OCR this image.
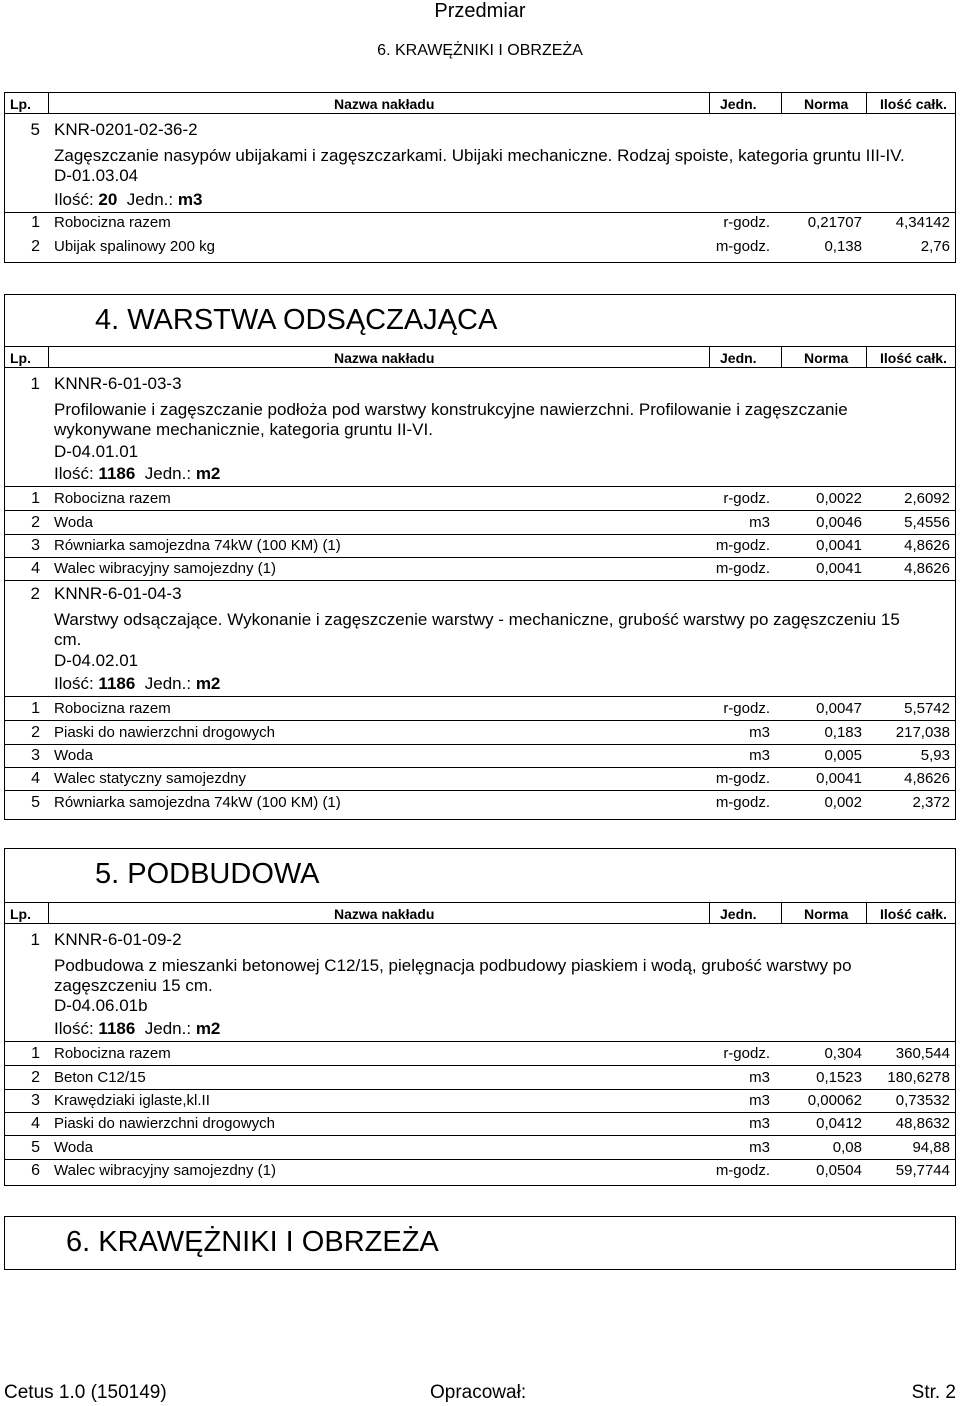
Przedmiar
6. KRAWĘŻNIKI I OBRZEŻA
Lp.	Nazwa nakładu	Jedn.	Norma Ilość całk.
5 KNR-0201-02-36-2
Zagęszczanie nasypów ubijakami i zagęszczarkami. Ubijaki mechaniczne. Rodzaj spoiste, kategoria gruntu III-IV.
D-01.03.04
Ilość: 20 Jedn.: m3
1 Robocizna razem	r-godz.	0,21707	4,34142
2 Ubijak spalinowy 200 kg	m-godz.	0,138	2,76
4. WARSTWA ODSĄCZAJĄCA
Lp.	Nazwa nakładu	Jedn.	Norma Ilość całk.
1 KNNR-6-01-03-3
Profilowanie i zagęszczanie podłoża pod warstwy konstrukcyjne nawierzchni. Profilowanie i zagęszczanie
wykonywane mechanicznie, kategoria gruntu II-VI.
D-04.01.01
Ilość: 1186 Jedn.: m2
1 Robocizna razem	r-godz.	0,0022	2,6092
2 Woda	m3	0,0046	5,4556
3 Równiarka samojezdna 74kW (100 KM) (1)	m-godz.	0,0041	4,8626
4 Walec wibracyjny samojezdny (1)	m-godz.	0,0041	4,8626
2 KNNR-6-01-04-3
Warstwy odsączające. Wykonanie i zagęszczenie warstwy - mechaniczne, grubość warstwy po zagęszczeniu 15
cm.
D-04.02.01
Ilość: 1186 Jedn.: m2
1 Robocizna razem	r-godz.	0,0047	5,5742
2 Piaski do nawierzchni drogowych	m3	0,183	217,038
3 Woda	m3	0,005	5,93
4 Walec statyczny samojezdny	m-godz.	0,0041	4,8626
5 Równiarka samojezdna 74kW (100 KM) (1)	m-godz.	0,002	2,372
5. PODBUDOWA
Lp.	Nazwa nakładu	Jedn.	Norma Ilość całk.
1 KNNR-6-01-09-2
Podbudowa z mieszanki betonowej C12/15, pielęgnacja podbudowy piaskiem i wodą, grubość warstwy po
zagęszczeniu 15 cm.
D-04.06.01b
Ilość: 1186 Jedn.: m2
1 Robocizna razem	r-godz.	0,304	360,544
2 Beton C12/15	m3	0,1523	180,6278
3 Krawędziaki iglaste,kl.II	m3	0,00062	0,73532
4 Piaski do nawierzchni drogowych	m3	0,0412	48,8632
5 Woda	m3	0,08	94,88
6 Walec wibracyjny samojezdny (1)	m-godz.	0,0504	59,7744
6. KRAWĘŻNIKI I OBRZEŻA
Cetus 1.0 (150149)	Opracował:	Str. 2
